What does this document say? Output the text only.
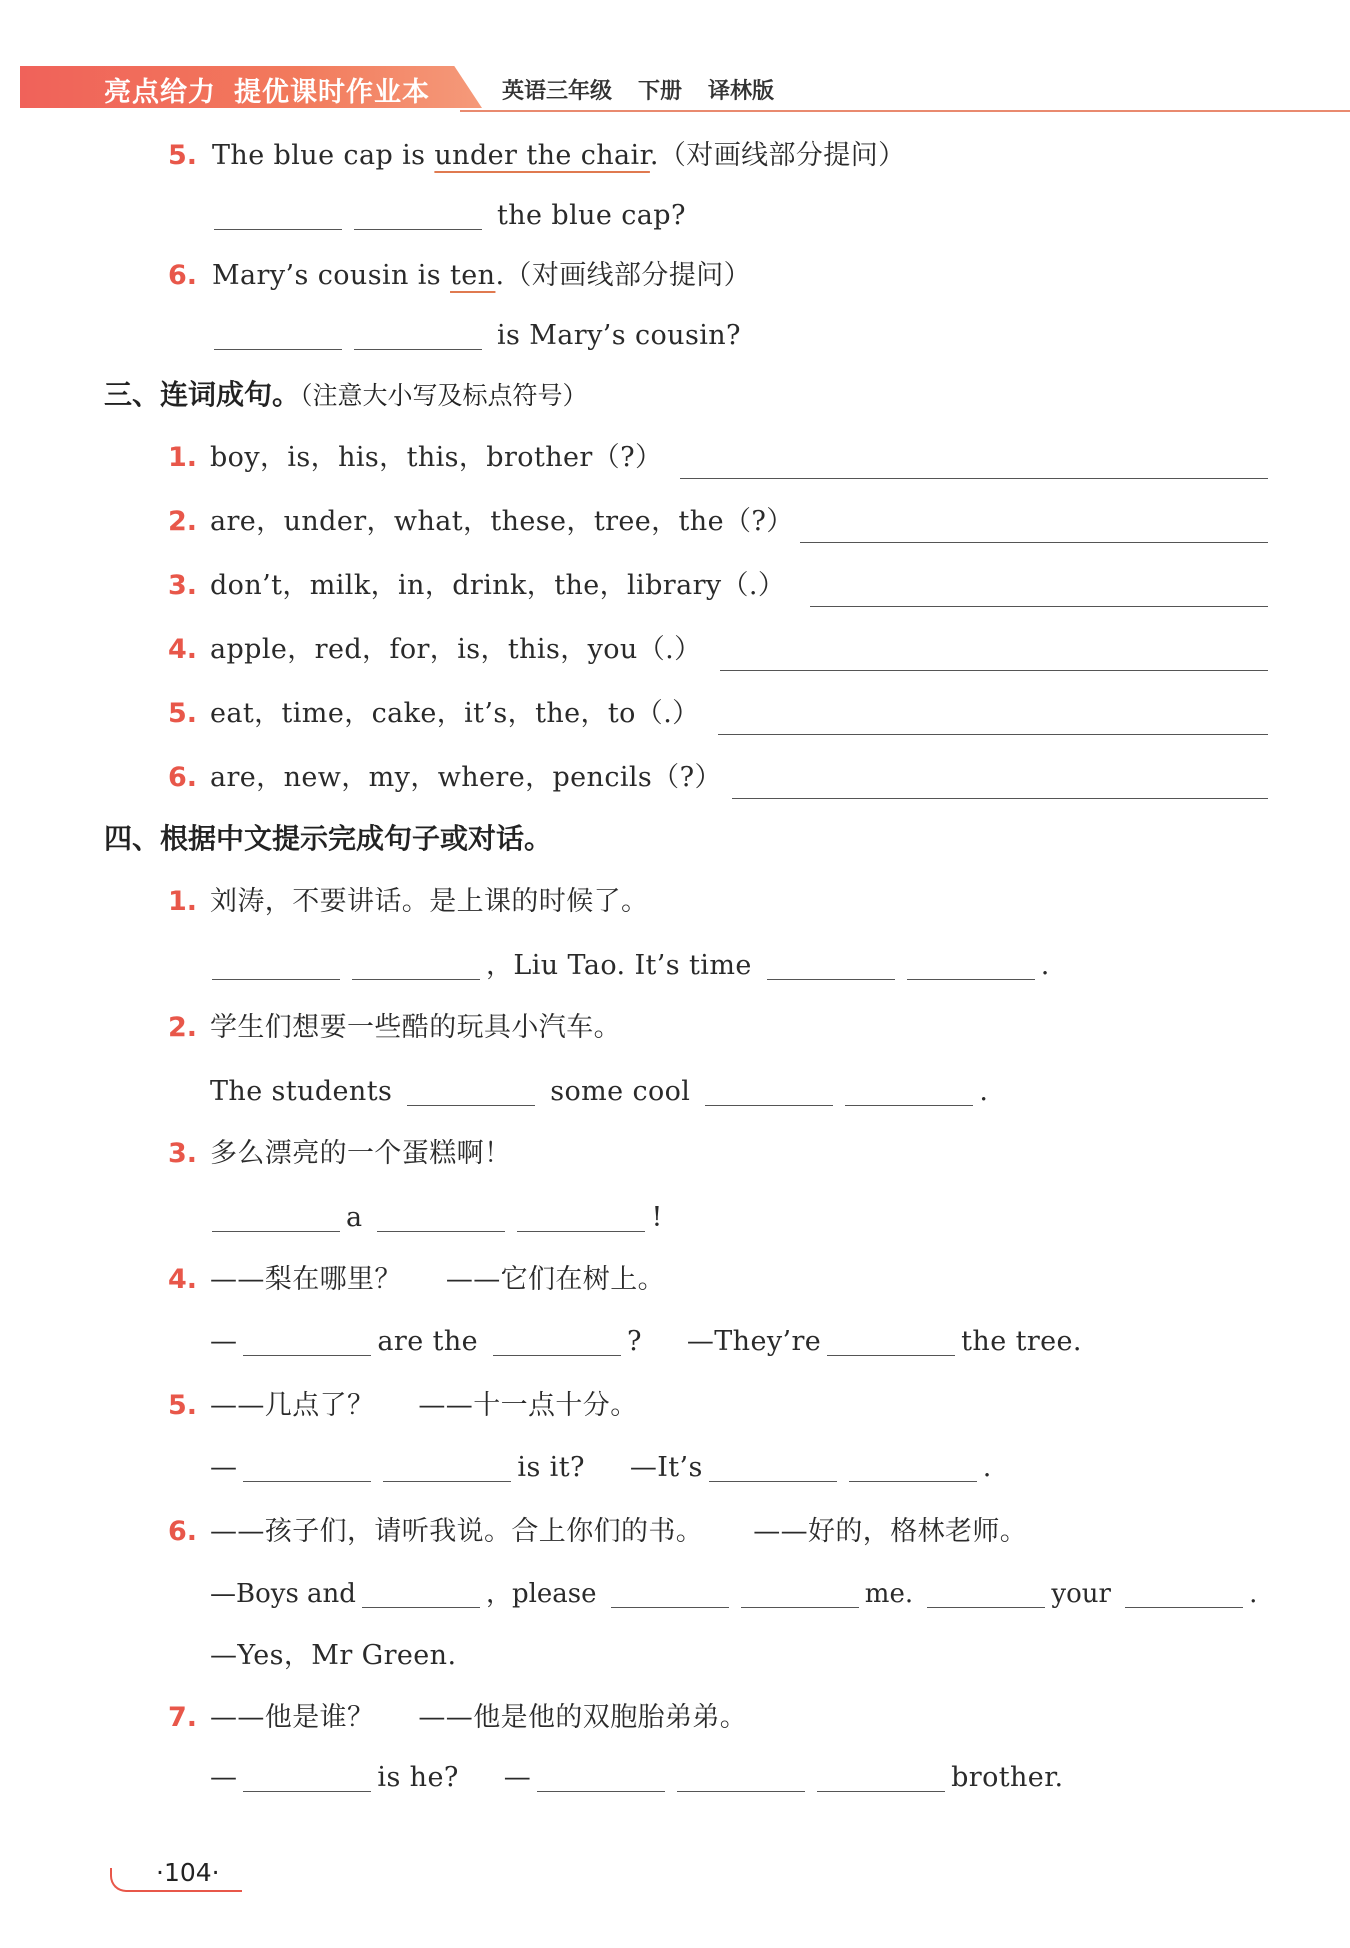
亮点给力 提优课时作业本	英语三年级 下册 译林版
5. The blue cap is under the chair.（对画线部分提问）
the blue cap?
6. Mary’s cousin is ten.（对画线部分提问）
is Mary’s cousin?
三、连词成句。（注意大小写及标点符号）
1. boy，is，his，this，brother（?）
2. are，under，what，these，tree，the（?）
3. don’t，milk，in，drink，the，library（.）
4. apple，red，for，is，this，you（.）
5. eat，time，cake，it’s，the，to（.）
6. are，new，my，where，pencils（?）
四、根据中文提示完成句子或对话。
1. 刘涛，不要讲话。是上课的时候了。
，Liu Tao. It’s time	.
2. 学生们想要一些酷的玩具小汽车。
The students	some cool	.
3. 多么漂亮的一个蛋糕啊！
a	!
4. ——梨在哪里？ ——它们在树上。
—	are the	? —They’re	the tree.
5. ——几点了？ ——十一点十分。
—	is it? —It’s	.
6. ——孩子们，请听我说。合上你们的书。 ——好的，格林老师。
—Boys and	，please	me.	your	.
—Yes，Mr Green.
7. ——他是谁？ ——他是他的双胞胎弟弟。
—	is he? —	brother.
·104·
